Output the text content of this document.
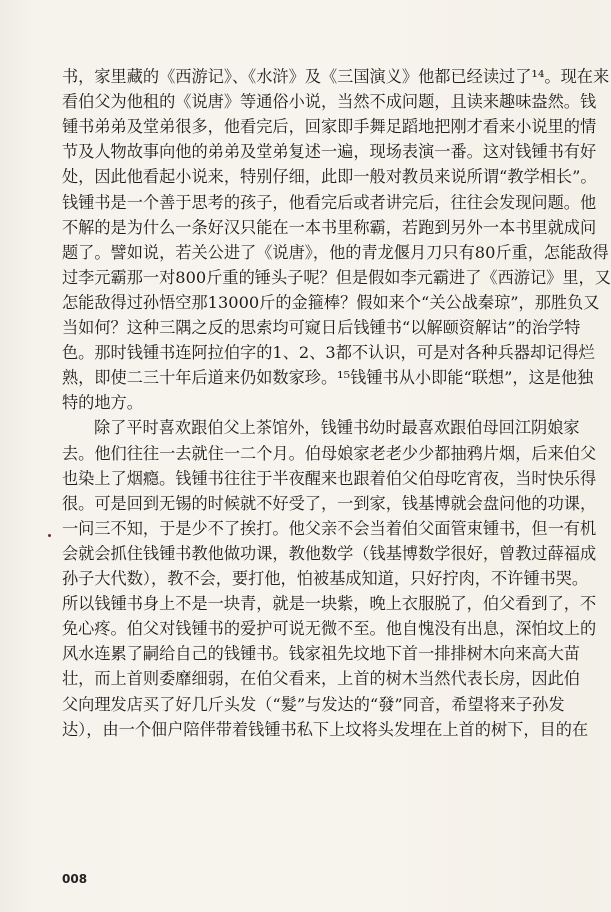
书，家里藏的《西游记》、《水浒》及《三国演义》他都已经读过了¹⁴。现在来
看伯父为他租的《说唐》等通俗小说，当然不成问题，且读来趣味盎然。钱
锺书弟弟及堂弟很多，他看完后，回家即手舞足蹈地把刚才看来小说里的情
节及人物故事向他的弟弟及堂弟复述一遍，现场表演一番。这对钱锺书有好
处，因此他看起小说来，特别仔细，此即一般对教员来说所谓“教学相长”。
钱锺书是一个善于思考的孩子，他看完后或者讲完后，往往会发现问题。他
不解的是为什么一条好汉只能在一本书里称霸，若跑到另外一本书里就成问
题了。譬如说，若关公进了《说唐》，他的青龙偃月刀只有80斤重，怎能敌得
过李元霸那一对800斤重的锤头子呢？但是假如李元霸进了《西游记》里，又
怎能敌得过孙悟空那13000斤的金箍棒？假如来个“关公战秦琼”，那胜负又
当如何？这种三隅之反的思索均可窥日后钱锺书“以解颐资解诂”的治学特
色。那时钱锺书连阿拉伯字的1、2、3都不认识，可是对各种兵器却记得烂
熟，即使二三十年后道来仍如数家珍。¹⁵钱锺书从小即能“联想”，这是他独
特的地方。
除了平时喜欢跟伯父上茶馆外，钱锺书幼时最喜欢跟伯母回江阴娘家
去。他们往往一去就住一二个月。伯母娘家老老少少都抽鸦片烟，后来伯父
也染上了烟瘾。钱锺书往往于半夜醒来也跟着伯父伯母吃宵夜，当时快乐得
很。可是回到无锡的时候就不好受了，一到家，钱基博就会盘问他的功课，
一问三不知，于是少不了挨打。他父亲不会当着伯父面管束锺书，但一有机
会就会抓住钱锺书教他做功课，教他数学（钱基博数学很好，曾教过薛福成
孙子大代数），教不会，要打他，怕被基成知道，只好拧肉，不许锺书哭。
所以钱锺书身上不是一块青，就是一块紫，晚上衣服脱了，伯父看到了，不
免心疼。伯父对钱锺书的爱护可说无微不至。他自愧没有出息，深怕坟上的
风水连累了嗣给自己的钱锺书。钱家祖先坟地下首一排排树木向来高大苗
壮，而上首则委靡细弱，在伯父看来，上首的树木当然代表长房，因此伯
父向理发店买了好几斤头发（“髮”与发达的“發”同音，希望将来子孙发
达），由一个佃户陪伴带着钱锺书私下上坟将头发埋在上首的树下，目的在
008
